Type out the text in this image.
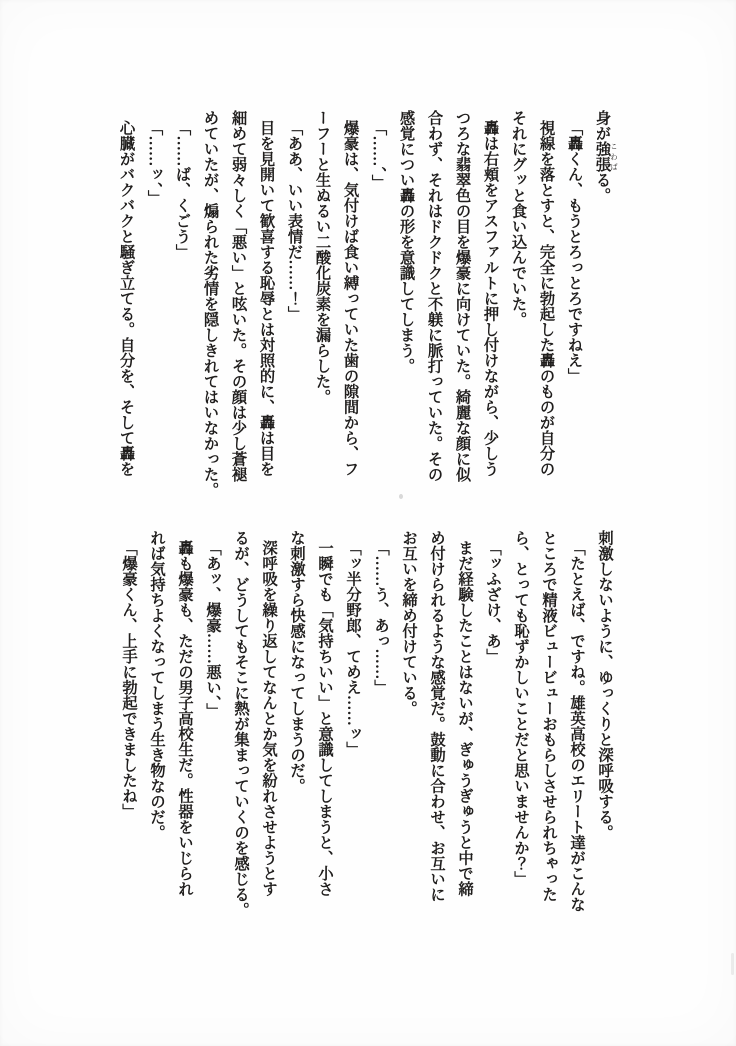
身が強張 こわばる。
「轟くん、もうとろっとろですねえ」
視線を落とすと、完全に勃起した轟のものが自分の
それにグッと食い込んでいた。
轟は右頬をアスファルトに押し付けながら、少しう
つろな翡翠色の目を爆豪に向けていた。綺麗な顔に似
合わず、それはドクドクと不躾に脈打っていた。その
感覚につい轟の形を意識してしまう。
「……、」
爆豪は、気付けば食い縛っていた歯の隙間から、フ
ーフーと生ぬるい二酸化炭素を漏らした。
「ああ、いい表情だ……！」
目を見開いて歓喜する恥辱とは対照的に、轟は目を
細めて弱々しく「悪い」と呟いた。その顔は少し蒼褪
めていたが、煽られた劣情を隠しきれてはいなかった。
「……ば、くごう」
「……ッ、」
心臓がバクバクと騒ぎ立てる。自分を、そして轟を
刺激しないように、ゆっくりと深呼吸する。
「たとえば、ですね。雄英高校のエリート達がこんな
ところで精液ビュービューおもらしさせられちゃった
ら、とっても恥ずかしいことだと思いませんか？」
「ッふざけ、あ」
まだ経験したことはないが、ぎゅうぎゅうと中で締
め付けられるような感覚だ。鼓動に合わせ、お互いに
お互いを締め付けている。
「……う、あっ……」
「ッ半分野郎、てめえ……ッ」
一瞬でも「気持ちいい」と意識してしまうと、小さ
な刺激すら快感になってしまうのだ。
深呼吸を繰り返してなんとか気を紛れさせようとす
るが、どうしてもそこに熱が集まっていくのを感じる。
「あッ、爆豪……悪い、」
轟も爆豪も、ただの男子高校生だ。性器をいじられ
れば気持ちよくなってしまう生き物なのだ。
「爆豪くん、上手に勃起できましたね」
